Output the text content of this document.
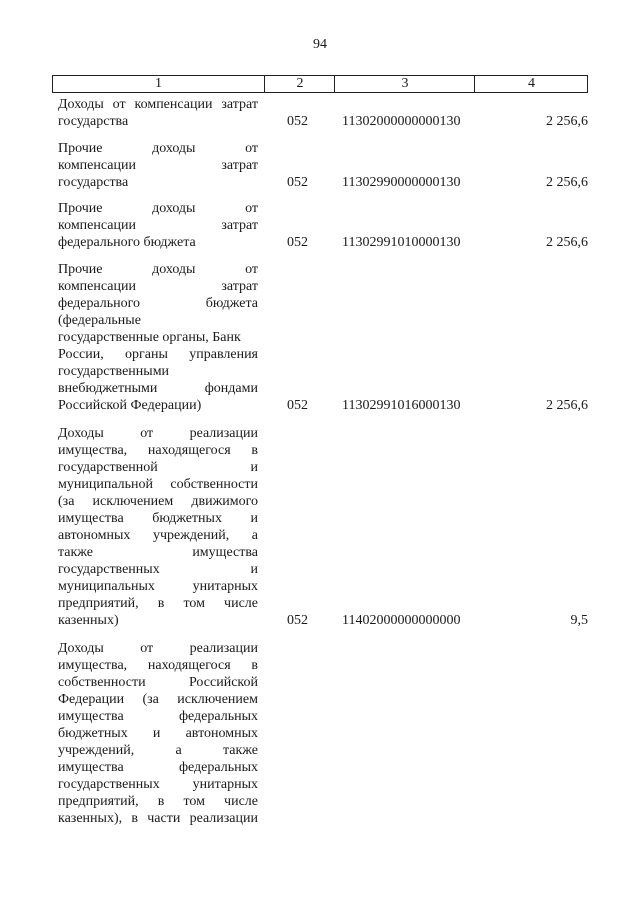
94
1	2	3	4
Доходы от компенсации затрат
государства	052 11302000000000130	2 256,6
Прочие доходы от
компенсации затрат
государства	052 11302990000000130	2 256,6
Прочие доходы от
компенсации затрат
федерального бюджета	052 11302991010000130	2 256,6
Прочие доходы от
компенсации затрат
федерального бюджета
(федеральные
государственные органы, Банк
России, органы управления
государственными
внебюджетными фондами
Российской Федерации)	052 11302991016000130	2 256,6
Доходы от реализации
имущества, находящегося в
государственной и
муниципальной собственности
(за исключением движимого
имущества бюджетных и
автономных учреждений, а
также имущества
государственных и
муниципальных унитарных
предприятий, в том числе
казенных)	052 11402000000000000	9,5
Доходы от реализации
имущества, находящегося в
собственности Российской
Федерации (за исключением
имущества федеральных
бюджетных и автономных
учреждений, а также
имущества федеральных
государственных унитарных
предприятий, в том числе
казенных), в части реализации
